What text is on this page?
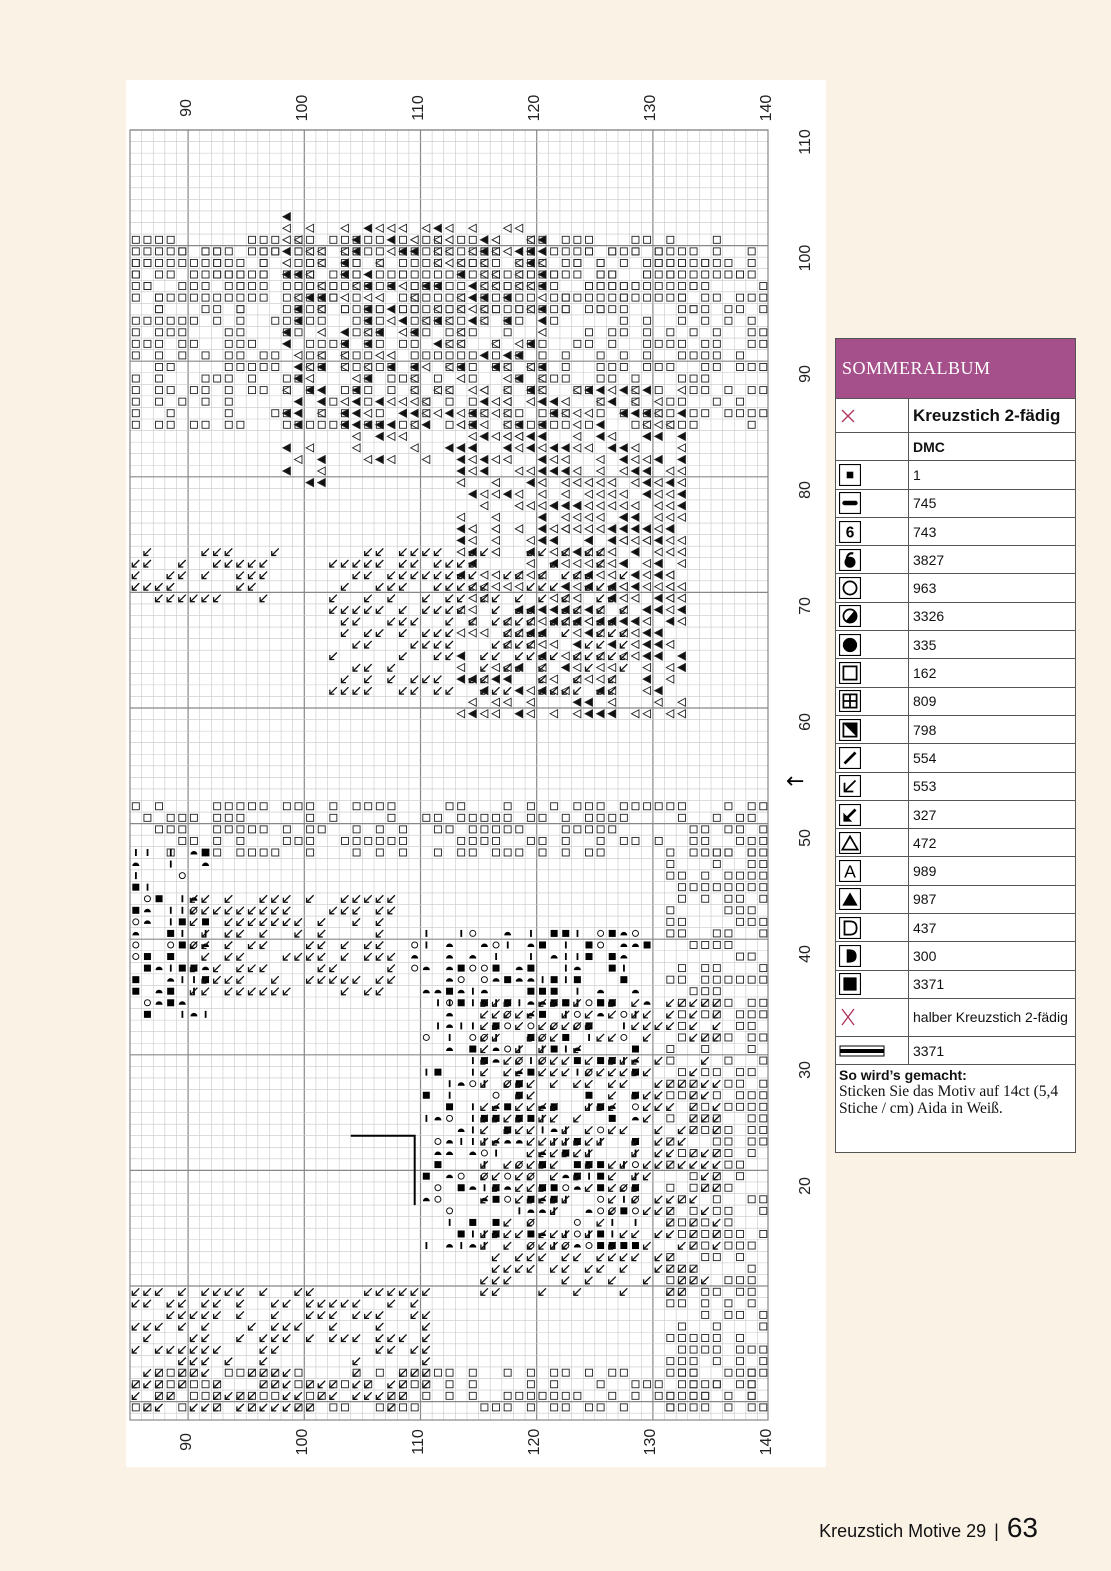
90
90
100
100
110
110
120
120
130
130
140
140
110
100
90
80
70
60
50
40
30
20
←
SOMMERALBUM
Kreuzstich 2-fädig
DMC
1
745
6	743
3827
963
3326
335
162
809
798
554
553
327
472
A	989
987
437
300
3371
halber Kreuzstich 2-fädig
3371
So wird’s gemacht:
Sticken Sie das Motiv auf 14ct (5,4 Stiche / cm) Aida in Weiß.
Kreuzstich Motive 29 | 63
